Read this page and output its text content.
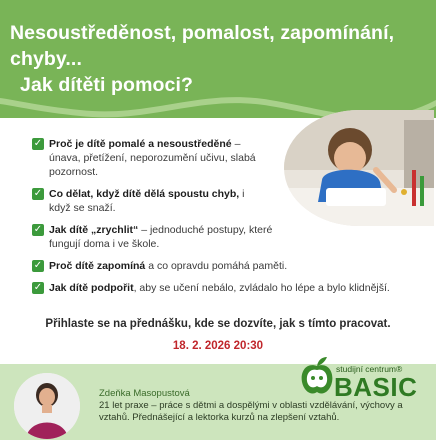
Nesoustředěnost, pomalost, zapomínání, chyby...
Jak dítěti pomoci?
✓ Proč je dítě pomalé a nesoustředěné – únava, přetížení, neporozumění učivu, slabá pozornost.
✓ Co dělat, když dítě dělá spoustu chyb, i když se snaží.
✓ Jak dítě „zrychlit“ – jednoduché postupy, které fungují doma i ve škole.
✓ Proč dítě zapomíná a co opravdu pomáhá paměti.
✓ Jak dítě podpořit, aby se učení nebálo, zvládalo ho lépe a bylo klidnější.
Přihlaste se na přednášku, kde se dozvíte, jak s tímto pracovat.
18. 2. 2026 20:30
Zdeňka Masopustová
21 let praxe – práce s dětmi a dospělými v oblasti vzdělávání, výchovy a vztahů. Přednášející a lektorka kurzů na zlepšení vztahů.
studijní centrum®
BASIC
